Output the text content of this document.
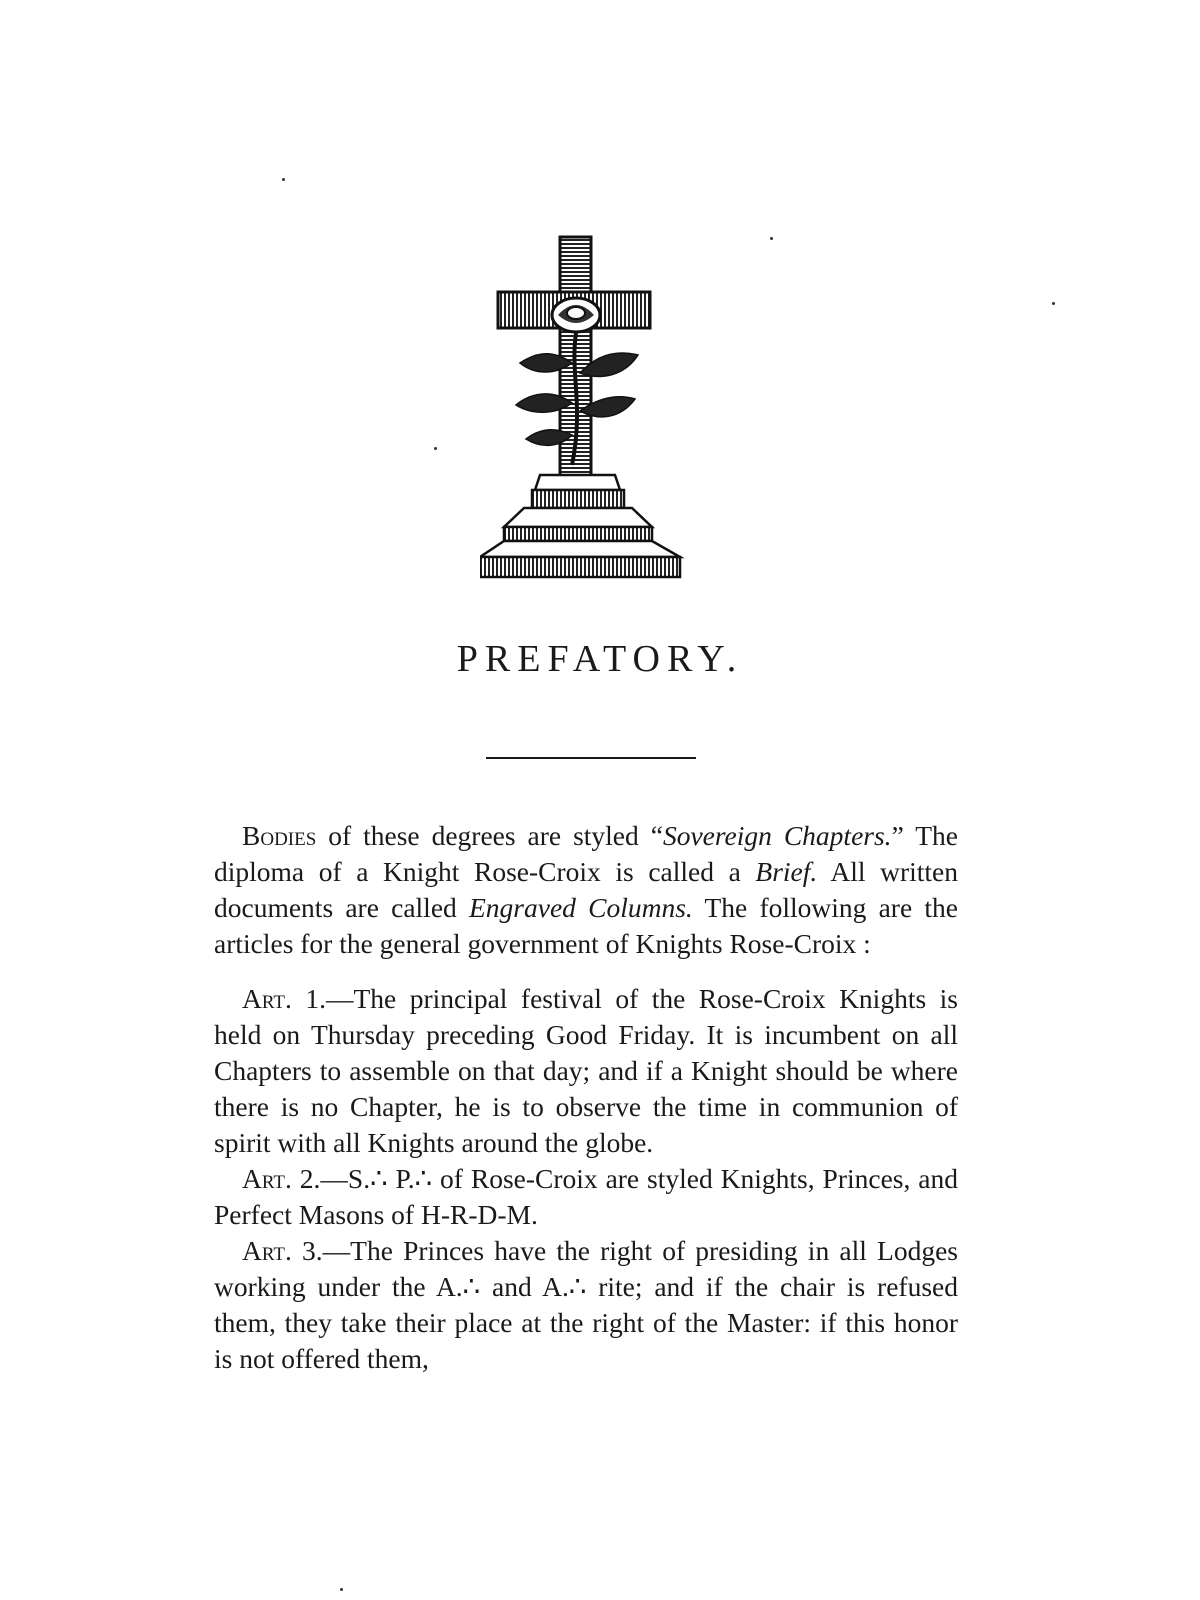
PREFATORY.

Bodies of these degrees are styled “Sovereign Chapters.” The diploma of a Knight Rose-Croix is called a Brief. All written documents are called Engraved Columns. The following are the articles for the general government of Knights Rose-Croix :

Art. 1.—The principal festival of the Rose-Croix Knights is held on Thursday preceding Good Friday. It is incumbent on all Chapters to assemble on that day; and if a Knight should be where there is no Chapter, he is to observe the time in communion of spirit with all Knights around the globe.

Art. 2.—S.∴ P.∴ of Rose-Croix are styled Knights, Princes, and Perfect Masons of H-R-D-M.

Art. 3.—The Princes have the right of presiding in all Lodges working under the A.∴ and A.∴ rite; and if the chair is refused them, they take their place at the right of the Master: if this honor is not offered them,
